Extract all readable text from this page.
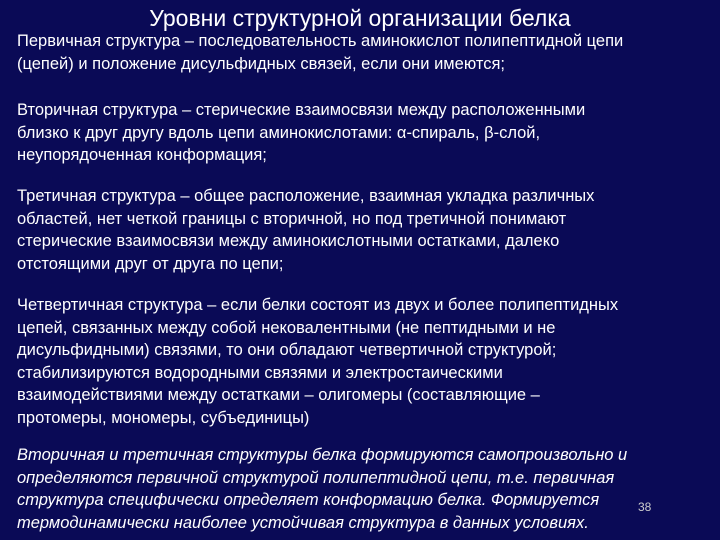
Уровни структурной организации белка
Первичная структура – последовательность аминокислот полипептидной цепи
(цепей) и положение дисульфидных связей, если они имеются;
Вторичная структура – стерические взаимосвязи между расположенными
близко к друг другу вдоль цепи аминокислотами: α-спираль, β-слой,
неупорядоченная конформация;
Третичная структура – общее расположение, взаимная укладка различных
областей, нет четкой границы с вторичной, но под третичной понимают
стерические взаимосвязи между аминокислотными остатками, далеко
отстоящими друг от друга по цепи;
Четвертичная структура – если белки состоят из двух и более полипептидных
цепей, связанных между собой нековалентными (не пептидными и не
дисульфидными) связями, то они обладают четвертичной структурой;
стабилизируются водородными связями и электростаическими
взаимодействиями между остатками – олигомеры (составляющие –
протомеры, мономеры, субъединицы)
Вторичная и третичная структуры белка формируются самопроизвольно и
определяются первичной структурой полипептидной цепи, т.е. первичная
структура специфически определяет конформацию белка. Формируется
термодинамически наиболее устойчивая структура в данных условиях.
38
